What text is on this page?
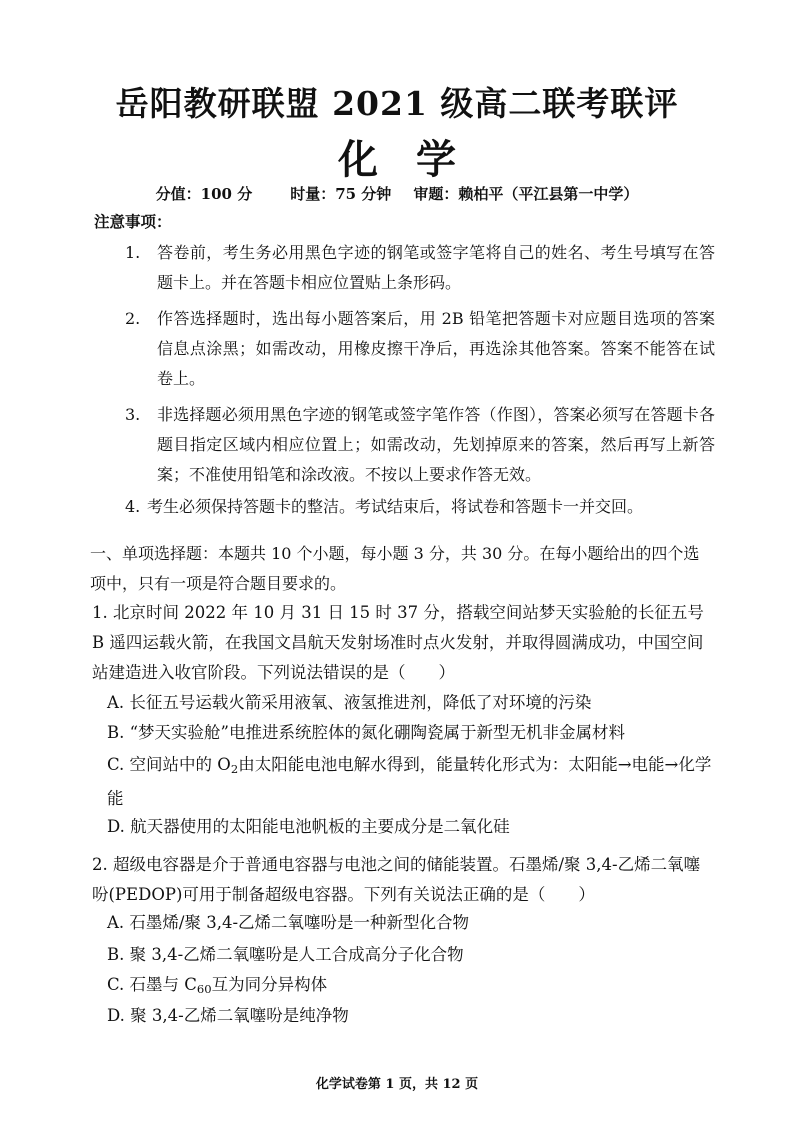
岳阳教研联盟 2021 级高二联考联评
化学
分值：100 分	时量：75 分钟 审题：赖柏平（平江县第一中学）
注意事项：
1. 答卷前，考生务必用黑色字迹的钢笔或签字笔将自己的姓名、考生号填写在答题卡上。并在答题卡相应位置贴上条形码。
2. 作答选择题时，选出每小题答案后，用 2B 铅笔把答题卡对应题目选项的答案信息点涂黑；如需改动，用橡皮擦干净后，再选涂其他答案。答案不能答在试卷上。
3. 非选择题必须用黑色字迹的钢笔或签字笔作答（作图），答案必须写在答题卡各题目指定区域内相应位置上；如需改动，先划掉原来的答案，然后再写上新答案；不准使用铅笔和涂改液。不按以上要求作答无效。
4. 考生必须保持答题卡的整洁。考试结束后，将试卷和答题卡一并交回。
一、单项选择题：本题共 10 个小题，每小题 3 分，共 30 分。在每小题给出的四个选项中，只有一项是符合题目要求的。
1. 北京时间 2022 年 10 月 31 日 15 时 37 分，搭载空间站梦天实验舱的长征五号 B 遥四运载火箭，在我国文昌航天发射场准时点火发射，并取得圆满成功，中国空间站建造进入收官阶段。下列说法错误的是（　　）
A. 长征五号运载火箭采用液氧、液氢推进剂，降低了对环境的污染
B. “梦天实验舱”电推进系统腔体的氮化硼陶瓷属于新型无机非金属材料
C. 空间站中的 $O_2$由太阳能电池电解水得到，能量转化形式为：太阳能→电能→化学能
D. 航天器使用的太阳能电池帆板的主要成分是二氧化硅
2. 超级电容器是介于普通电容器与电池之间的储能装置。石墨烯/聚 3,4-乙烯二氧噻吩(PEDOP)可用于制备超级电容器。下列有关说法正确的是（　　）
A. 石墨烯/聚 3,4-乙烯二氧噻吩是一种新型化合物
B. 聚 3,4-乙烯二氧噻吩是人工合成高分子化合物
C. 石墨与 $C_{60}$互为同分异构体
D. 聚 3,4-乙烯二氧噻吩是纯净物
化学试卷第 1 页，共 12 页
